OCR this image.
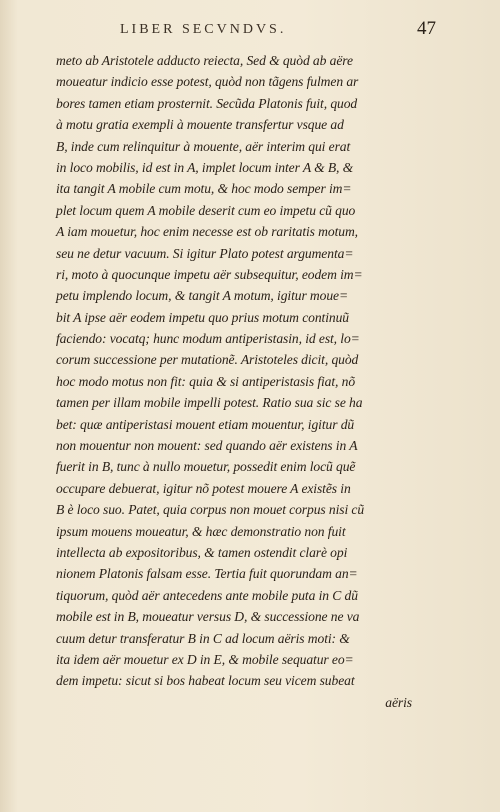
LIBER SECVNDVS.	47
meto ab Aristotele adducto reiecta, Sed & quòd ab aëre
moueatur indicio esse potest, quòd non tãgens fulmen ar
bores tamen etiam prosternit. Secũda Platonis fuit, quod
à motu gratia exempli à mouente transfertur vsque ad
B, inde cum relinquitur à mouente, aër interim qui erat
in loco mobilis, id est in A, implet locum inter A & B, &
ita tangit A mobile cum motu, & hoc modo semper im=
plet locum quem A mobile deserit cum eo impetu cũ quo
A iam mouetur, hoc enim necesse est ob raritatis motum,
seu ne detur vacuum. Si igitur Plato potest argumenta=
ri, moto à quocunque impetu aër subsequitur, eodem im=
petu implendo locum, & tangit A motum, igitur moue=
bit A ipse aër eodem impetu quo prius motum continuũ
faciendo: vocatq; hunc modum antiperistasin, id est, lo=
corum successione per mutationẽ. Aristoteles dicit, quòd
hoc modo motus non fit: quia & si antiperistasis fiat, nõ
tamen per illam mobile impelli potest. Ratio sua sic se ha
bet: quæ antiperistasi mouent etiam mouentur, igitur dũ
non mouentur non mouent: sed quando aër existens in A
fuerit in B, tunc à nullo mouetur, possedit enim locũ quẽ
occupare debuerat, igitur nõ potest mouere A existẽs in
B è loco suo. Patet, quia corpus non mouet corpus nisi cũ
ipsum mouens moueatur, & hæc demonstratio non fuit
intellecta ab expositoribus, & tamen ostendit clarè opi
nionem Platonis falsam esse. Tertia fuit quorundam an=
tiquorum, quòd aër antecedens ante mobile puta in C dũ
mobile est in B, moueatur versus D, & successione ne va
cuum detur transferatur B in C ad locum aëris moti: &
ita idem aër mouetur ex D in E, & mobile sequatur eo=
dem impetu: sicut si bos habeat locum seu vicem subeat
aëris
